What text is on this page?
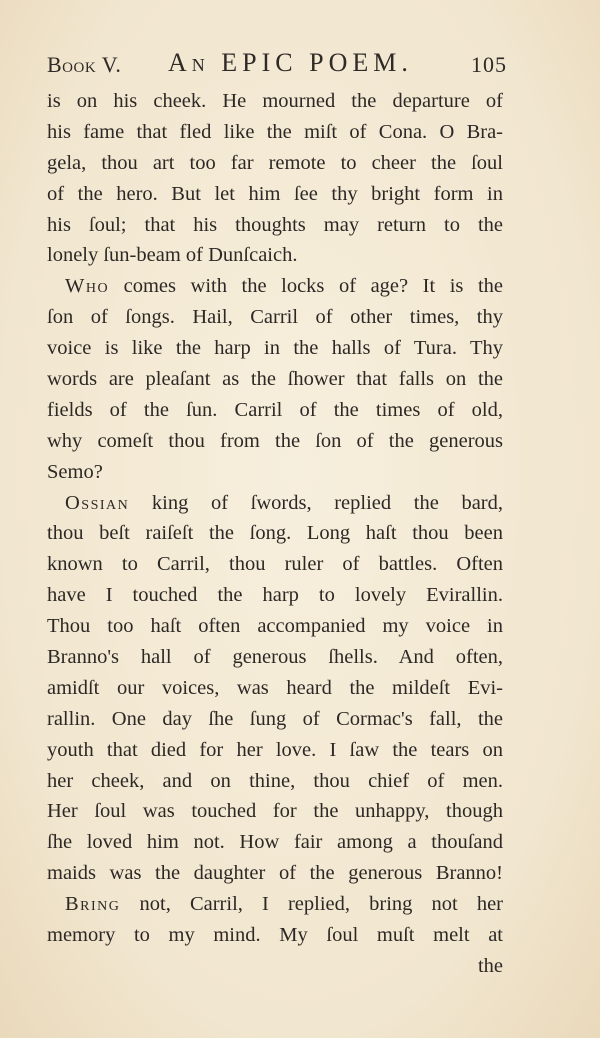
Book V. An EPIC POEM.	105
is on his cheek. He mourned the departure of
his fame that fled like the miſt of Cona. O Bra-
gela, thou art too far remote to cheer the ſoul
of the hero. But let him ſee thy bright form in
his ſoul; that his thoughts may return to the
lonely ſun-beam of Dunſcaich.
Who comes with the locks of age? It is the
ſon of ſongs. Hail, Carril of other times, thy
voice is like the harp in the halls of Tura. Thy
words are pleaſant as the ſhower that falls on the
fields of the ſun. Carril of the times of old,
why comeſt thou from the ſon of the generous
Semo?
Ossian king of ſwords, replied the bard,
thou beſt raiſeſt the ſong. Long haſt thou been
known to Carril, thou ruler of battles. Often
have I touched the harp to lovely Evirallin.
Thou too haſt often accompanied my voice in
Branno's hall of generous ſhells. And often,
amidſt our voices, was heard the mildeſt Evi-
rallin. One day ſhe ſung of Cormac's fall, the
youth that died for her love. I ſaw the tears on
her cheek, and on thine, thou chief of men.
Her ſoul was touched for the unhappy, though
ſhe loved him not. How fair among a thouſand
maids was the daughter of the generous Branno!
Bring not, Carril, I replied, bring not her
memory to my mind. My ſoul muſt melt at
the
